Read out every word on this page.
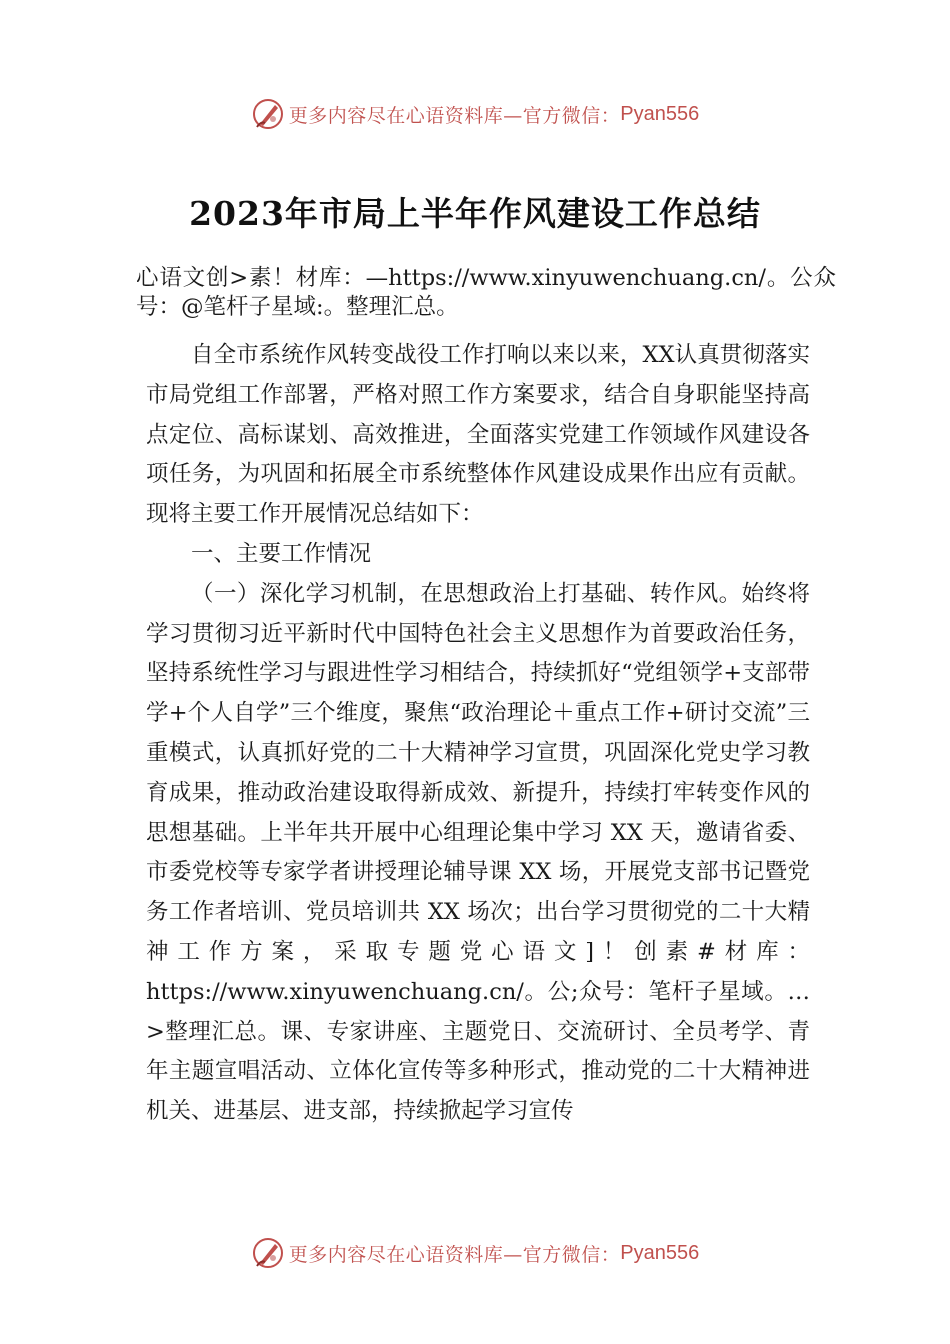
更多内容尽在心语资料库—官方微信： Pyan556
2023年市局上半年作风建设工作总结

心语文创>素！材库：—https://www.xinyuwenchuang.cn/。公众号：@笔杆子星域:。整理汇总。

自全市系统作风转变战役工作打响以来以来，XX认真贯彻落实市局党组工作部署，严格对照工作方案要求，结合自身职能坚持高点定位、高标谋划、高效推进，全面落实党建工作领域作风建设各项任务，为巩固和拓展全市系统整体作风建设成果作出应有贡献。现将主要工作开展情况总结如下：

一、主要工作情况

（一）深化学习机制，在思想政治上打基础、转作风。始终将学习贯彻习近平新时代中国特色社会主义思想作为首要政治任务，坚持系统性学习与跟进性学习相结合，持续抓好“党组领学+支部带学+个人自学”三个维度，聚焦“政治理论＋重点工作+研讨交流”三重模式，认真抓好党的二十大精神学习宣贯，巩固深化党史学习教育成果，推动政治建设取得新成效、新提升，持续打牢转变作风的思想基础。上半年共开展中心组理论集中学习 XX 天，邀请省委、市委党校等专家学者讲授理论辅导课 XX 场，开展党支部书记暨党务工作者培训、党员培训共 XX 场次；出台学习贯彻党的二十大精神工作方案，采取专题党心语文]！创素#材库：https://www.xinyuwenchuang.cn/。公;众号：笔杆子星域。…>整理汇总。课、专家讲座、主题党日、交流研讨、全员考学、青年主题宣唱活动、立体化宣传等多种形式，推动党的二十大精神进机关、进基层、进支部，持续掀起学习宣传

更多内容尽在心语资料库—官方微信： Pyan556
